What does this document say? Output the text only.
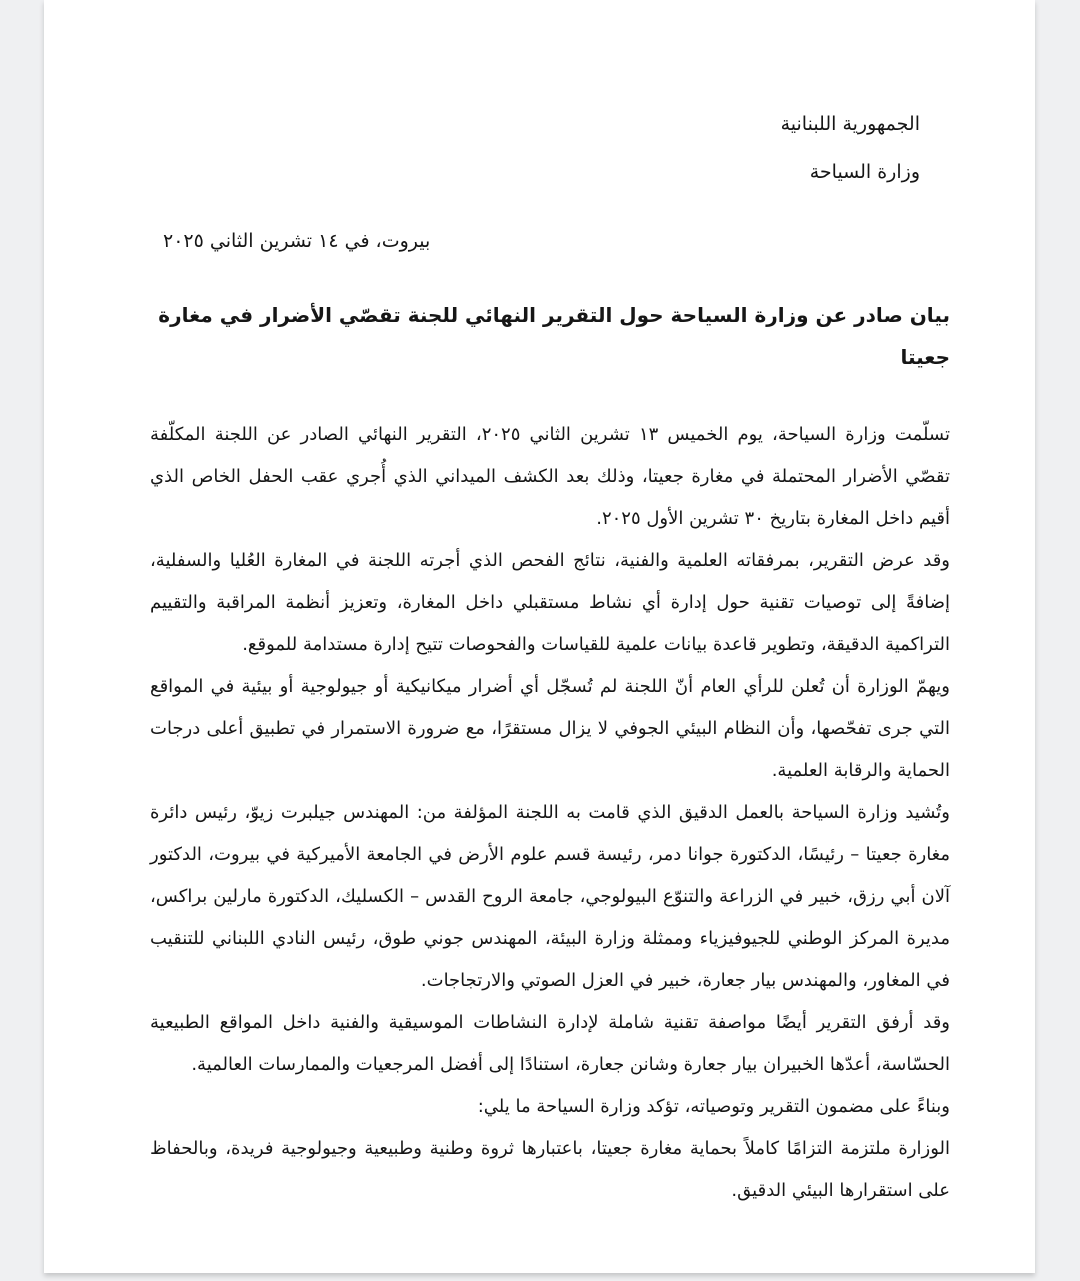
الجمهورية اللبنانية
وزارة السياحة
بيروت، في ١٤ تشرين الثاني ٢٠٢٥
بيان صادر عن وزارة السياحة حول التقرير النهائي للجنة تقصّي الأضرار في مغارة جعيتا

تسلّمت وزارة السياحة، يوم الخميس ١٣ تشرين الثاني ٢٠٢٥، التقرير النهائي الصادر عن اللجنة المكلّفة تقصّي الأضرار المحتملة في مغارة جعيتا، وذلك بعد الكشف الميداني الذي أُجري عقب الحفل الخاص الذي أقيم داخل المغارة بتاريخ ٣٠ تشرين الأول ٢٠٢٥.

وقد عرض التقرير، بمرفقاته العلمية والفنية، نتائج الفحص الذي أجرته اللجنة في المغارة العُليا والسفلية، إضافةً إلى توصيات تقنية حول إدارة أي نشاط مستقبلي داخل المغارة، وتعزيز أنظمة المراقبة والتقييم التراكمية الدقيقة، وتطوير قاعدة بيانات علمية للقياسات والفحوصات تتيح إدارة مستدامة للموقع.

ويهمّ الوزارة أن تُعلن للرأي العام أنّ اللجنة لم تُسجّل أي أضرار ميكانيكية أو جيولوجية أو بيئية في المواقع التي جرى تفحّصها، وأن النظام البيئي الجوفي لا يزال مستقرًا، مع ضرورة الاستمرار في تطبيق أعلى درجات الحماية والرقابة العلمية.

وتُشيد وزارة السياحة بالعمل الدقيق الذي قامت به اللجنة المؤلفة من: المهندس جيلبرت زيوّ، رئيس دائرة مغارة جعيتا – رئيسًا، الدكتورة جوانا دمر، رئيسة قسم علوم الأرض في الجامعة الأميركية في بيروت، الدكتور آلان أبي رزق، خبير في الزراعة والتنوّع البيولوجي، جامعة الروح القدس – الكسليك، الدكتورة مارلين براكس، مديرة المركز الوطني للجيوفيزياء وممثلة وزارة البيئة، المهندس جوني طوق، رئيس النادي اللبناني للتنقيب في المغاور، والمهندس بيار جعارة، خبير في العزل الصوتي والارتجاجات.

وقد أرفق التقرير أيضًا مواصفة تقنية شاملة لإدارة النشاطات الموسيقية والفنية داخل المواقع الطبيعية الحسّاسة، أعدّها الخبيران بيار جعارة وشانن جعارة، استنادًا إلى أفضل المرجعيات والممارسات العالمية.

وبناءً على مضمون التقرير وتوصياته، تؤكد وزارة السياحة ما يلي:

الوزارة ملتزمة التزامًا كاملاً بحماية مغارة جعيتا، باعتبارها ثروة وطنية وطبيعية وجيولوجية فريدة، وبالحفاظ على استقرارها البيئي الدقيق.
